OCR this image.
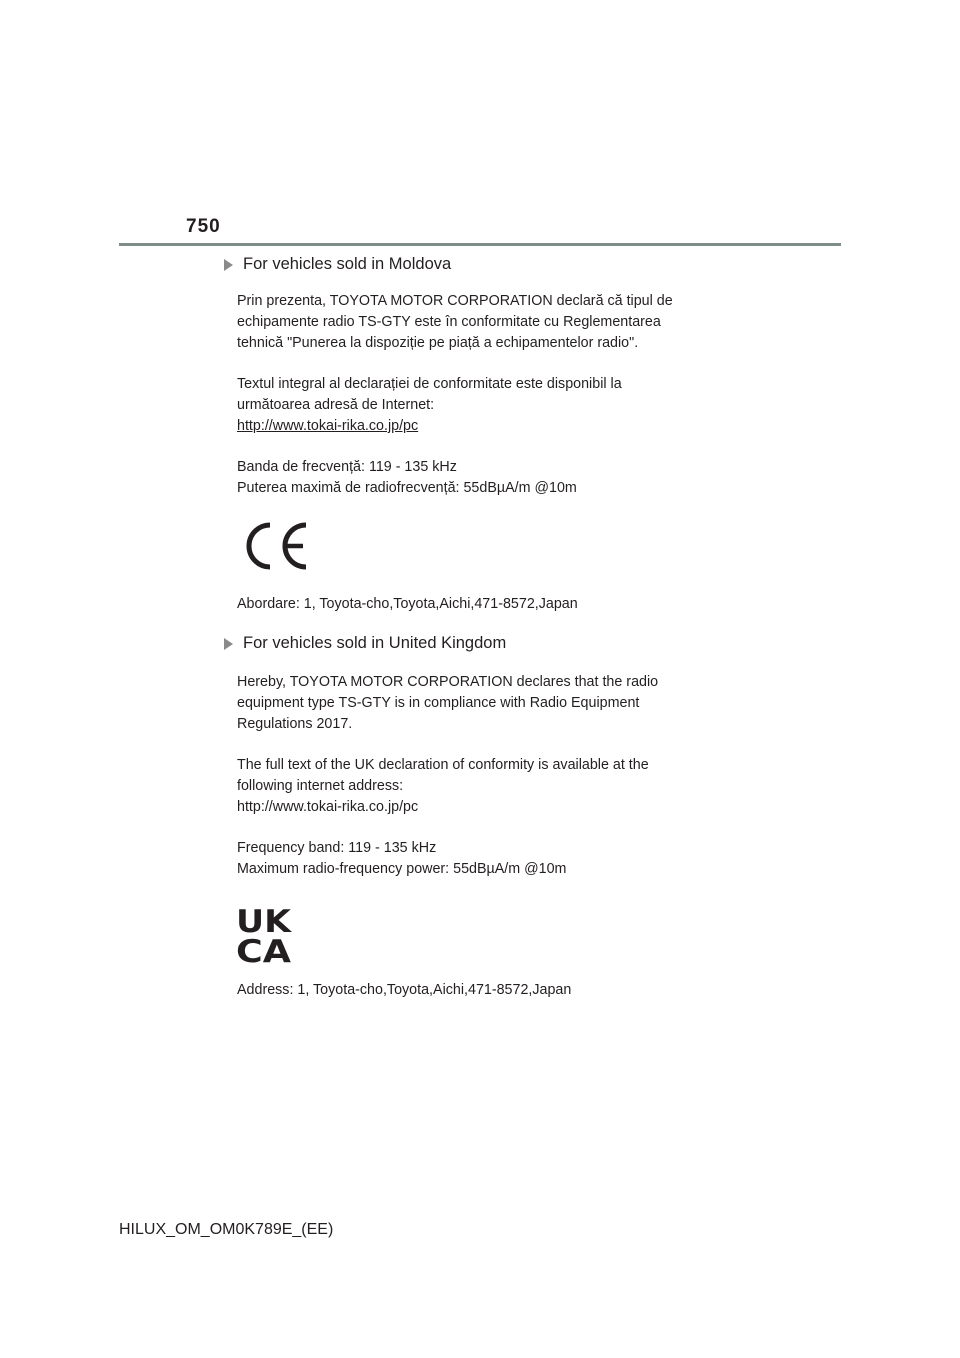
750
For vehicles sold in Moldova
Prin prezenta, TOYOTA MOTOR CORPORATION declară că tipul de
echipamente radio TS-GTY este în conformitate cu Reglementarea
tehnică "Punerea la dispoziție pe piață a echipamentelor radio".
Textul integral al declarației de conformitate este disponibil la
următoarea adresă de Internet:
http://www.tokai-rika.co.jp/pc
Banda de frecvență: 119 - 135 kHz
Puterea maximă de radiofrecvență: 55dBµA/m @10m
Abordare: 1, Toyota-cho,Toyota,Aichi,471-8572,Japan
For vehicles sold in United Kingdom
Hereby, TOYOTA MOTOR CORPORATION declares that the radio
equipment type TS-GTY is in compliance with Radio Equipment
Regulations 2017.
The full text of the UK declaration of conformity is available at the
following internet address:
http://www.tokai-rika.co.jp/pc
Frequency band: 119 - 135 kHz
Maximum radio-frequency power: 55dBµA/m @10m
UK
CA
Address: 1, Toyota-cho,Toyota,Aichi,471-8572,Japan
HILUX_OM_OM0K789E_(EE)
